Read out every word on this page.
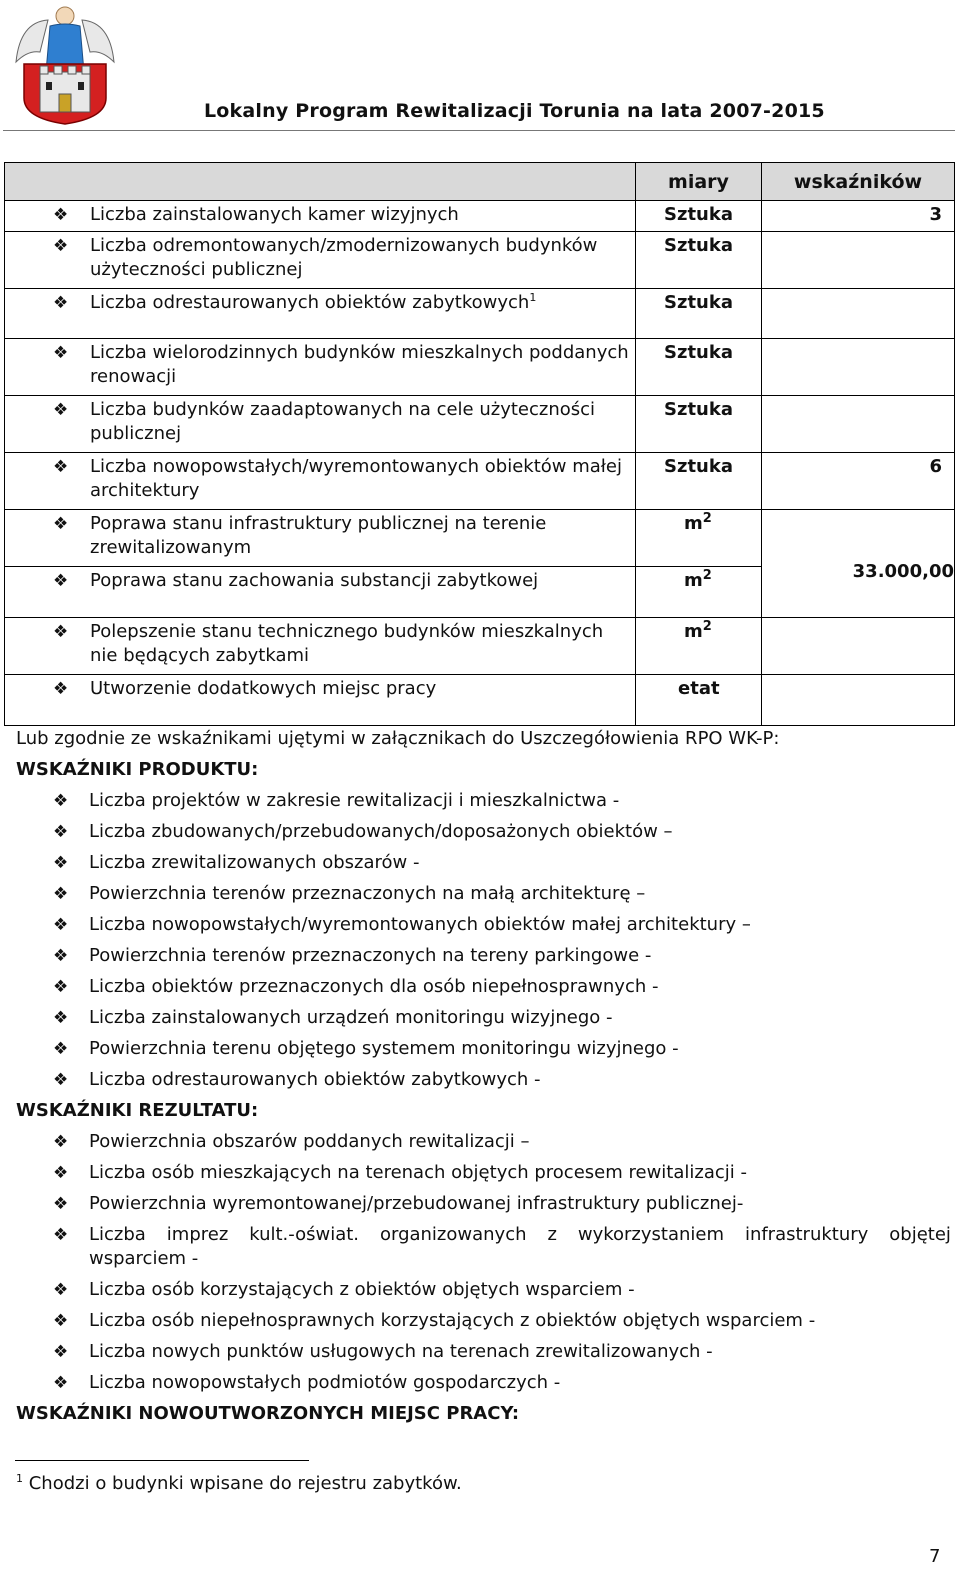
Lokalny Program Rewitalizacji Torunia na lata 2007-2015
	miary	wskaźników

❖ Liczba zainstalowanych kamer wizyjnych	Sztuka	3

❖ Liczba odremontowanych/zmodernizowanych budynków użyteczności publicznej	Sztuka	

❖ Liczba odrestaurowanych obiektów zabytkowych$^1$	Sztuka	

❖ Liczba wielorodzinnych budynków mieszkalnych poddanych renowacji	Sztuka	

❖ Liczba budynków zaadaptowanych na cele użyteczności publicznej	Sztuka	

❖ Liczba nowopowstałych/wyremontowanych obiektów małej architektury	Sztuka	6

❖ Poprawa stanu infrastruktury publicznej na terenie zrewitalizowanym	$m^2$	33.000,00

❖ Poprawa stanu zachowania substancji zabytkowej	$m^2$

❖ Polepszenie stanu technicznego budynków mieszkalnych nie będących zabytkami	$m^2$

❖ Utworzenie dodatkowych miejsc pracy	etat	

Lub zgodnie ze wskaźnikami ujętymi w załącznikach do Uszczegółowienia RPO WK-P:
WSKAŹNIKI PRODUKTU:
❖ Liczba projektów w zakresie rewitalizacji i mieszkalnictwa -
❖ Liczba zbudowanych/przebudowanych/doposażonych obiektów –
❖ Liczba zrewitalizowanych obszarów -
❖ Powierzchnia terenów przeznaczonych na małą architekturę –
❖ Liczba nowopowstałych/wyremontowanych obiektów małej architektury –
❖ Powierzchnia terenów przeznaczonych na tereny parkingowe -
❖ Liczba obiektów przeznaczonych dla osób niepełnosprawnych -
❖ Liczba zainstalowanych urządzeń monitoringu wizyjnego -
❖ Powierzchnia terenu objętego systemem monitoringu wizyjnego -
❖ Liczba odrestaurowanych obiektów zabytkowych -
WSKAŹNIKI REZULTATU:
❖ Powierzchnia obszarów poddanych rewitalizacji –
❖ Liczba osób mieszkających na terenach objętych procesem rewitalizacji -
❖ Powierzchnia wyremontowanej/przebudowanej infrastruktury publicznej-
❖ Liczba imprez kult.-oświat. organizowanych z wykorzystaniem infrastruktury objętej
wsparciem -
❖ Liczba osób korzystających z obiektów objętych wsparciem -
❖ Liczba osób niepełnosprawnych korzystających z obiektów objętych wsparciem -
❖ Liczba nowych punktów usługowych na terenach zrewitalizowanych -
❖ Liczba nowopowstałych podmiotów gospodarczych -
WSKAŹNIKI NOWOUTWORZONYCH MIEJSC PRACY:
$^1$ Chodzi o budynki wpisane do rejestru zabytków.
7
